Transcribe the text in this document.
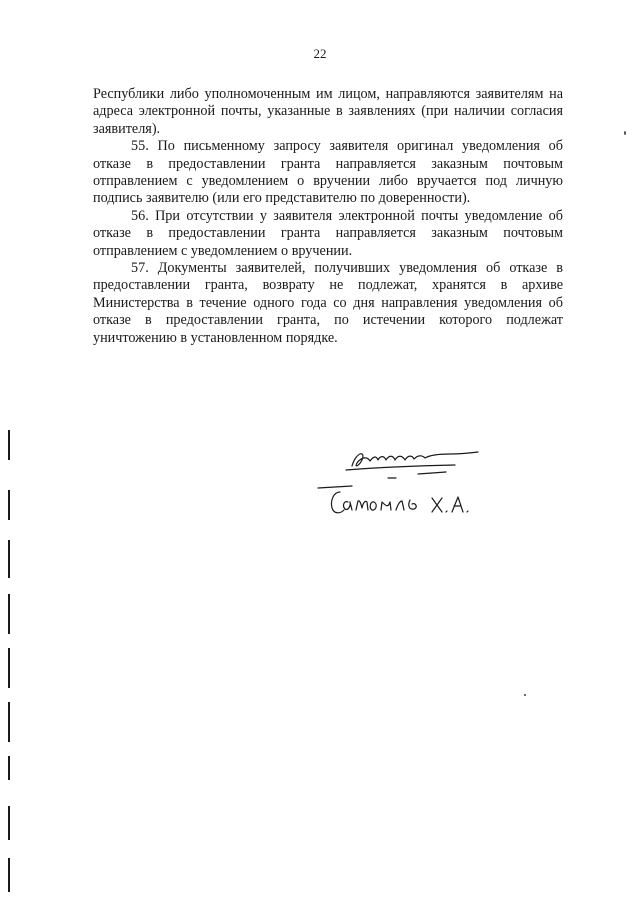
22

Республики либо уполномоченным им лицом, направляются заявителям на адреса электронной почты, указанные в заявлениях (при наличии согласия заявителя).

55. По письменному запросу заявителя оригинал уведомления об отказе в предоставлении гранта направляется заказным почтовым отправлением с уведомлением о вручении либо вручается под личную подпись заявителю (или его представителю по доверенности).

56. При отсутствии у заявителя электронной почты уведомление об отказе в предоставлении гранта направляется заказным почтовым отправлением с уведомлением о вручении.

57. Документы заявителей, получивших уведомления об отказе в предоставлении гранта, возврату не подлежат, хранятся в архиве Министерства в течение одного года со дня направления уведомления об отказе в предоставлении гранта, по истечении которого подлежат уничтожению в установленном порядке.
